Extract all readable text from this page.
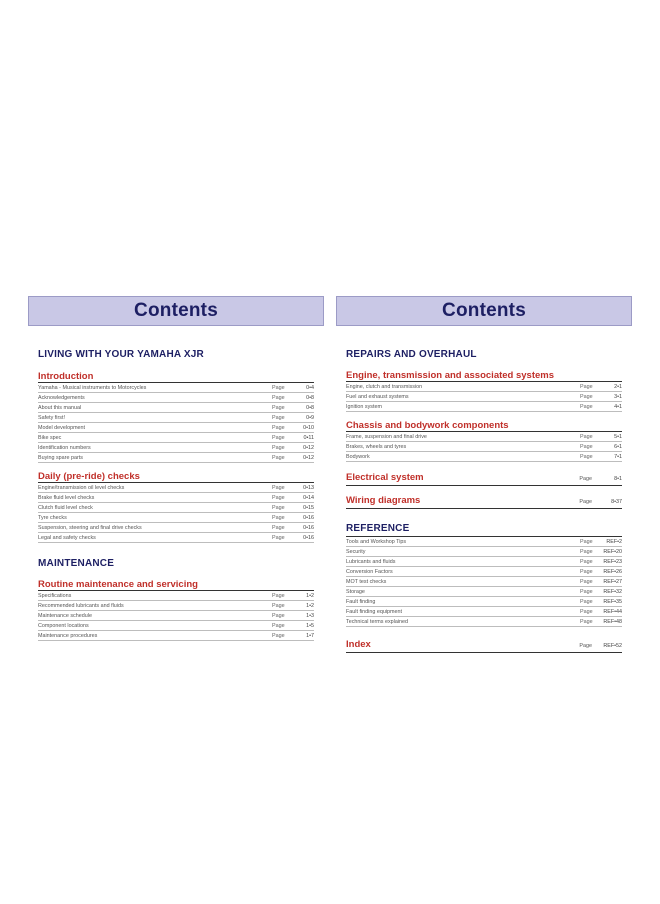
Contents
LIVING WITH YOUR YAMAHA XJR
Introduction
Yamaha - Musical instruments to Motorcycles	Page	0•4
Acknowledgements	Page	0•8
About this manual	Page	0•8
Safety first!	Page	0•9
Model development	Page	0•10
Bike spec	Page	0•11
Identification numbers	Page	0•12
Buying spare parts	Page	0•12
Daily (pre-ride) checks
Engine/transmission oil level checks	Page	0•13
Brake fluid level checks	Page	0•14
Clutch fluid level check	Page	0•15
Tyre checks	Page	0•16
Suspension, steering and final drive checks	Page	0•16
Legal and safety checks	Page	0•16
MAINTENANCE
Routine maintenance and servicing
Specifications	Page	1•2
Recommended lubricants and fluids	Page	1•2
Maintenance schedule	Page	1•3
Component locations	Page	1•5
Maintenance procedures	Page	1•7
Contents
REPAIRS AND OVERHAUL
Engine, transmission and associated systems
Engine, clutch and transmission	Page	2•1
Fuel and exhaust systems	Page	3•1
Ignition system	Page	4•1
Chassis and bodywork components
Frame, suspension and final drive	Page	5•1
Brakes, wheels and tyres	Page	6•1
Bodywork	Page	7•1
Electrical system	Page	8•1
Wiring diagrams	Page	8•37
REFERENCE
Tools and Workshop Tips	Page	REF•2
Security	Page	REF•20
Lubricants and fluids	Page	REF•23
Conversion Factors	Page	REF•26
MOT test checks	Page	REF•27
Storage	Page	REF•32
Fault finding	Page	REF•35
Fault finding equipment	Page	REF•44
Technical terms explained	Page	REF•48
Index	Page	REF•52
